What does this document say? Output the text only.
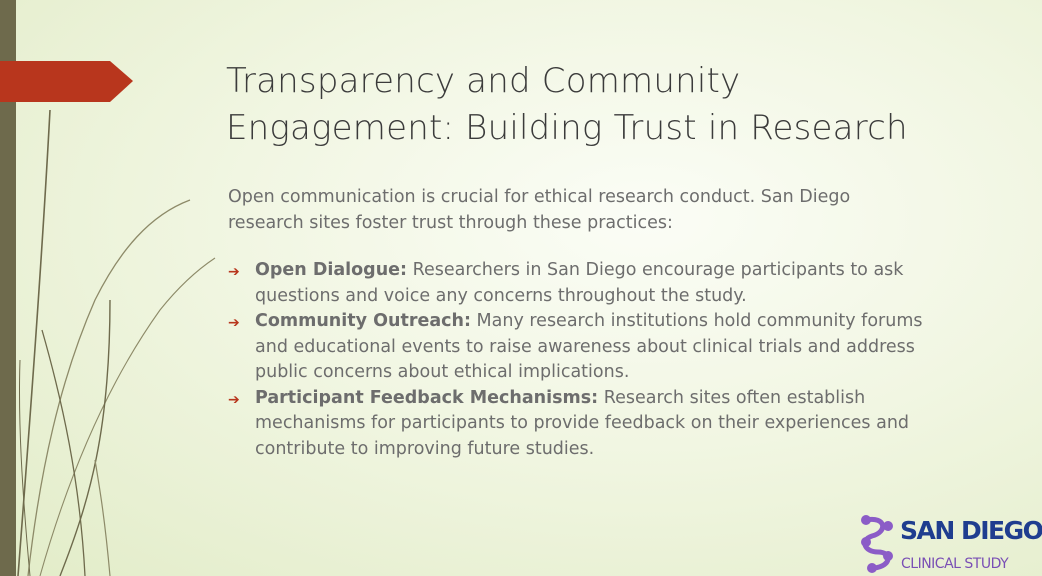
Transparency and Community
Engagement: Building Trust in Research

Open communication is crucial for ethical research conduct. San Diego research sites foster trust through these practices:

➔ Open Dialogue: Researchers in San Diego encourage participants to ask questions and voice any concerns throughout the study.
➔ Community Outreach: Many research institutions hold community forums and educational events to raise awareness about clinical trials and address public concerns about ethical implications.
➔ Participant Feedback Mechanisms: Research sites often establish mechanisms for participants to provide feedback on their experiences and contribute to improving future studies.
SAN DIEGO
CLINICAL STUDY
